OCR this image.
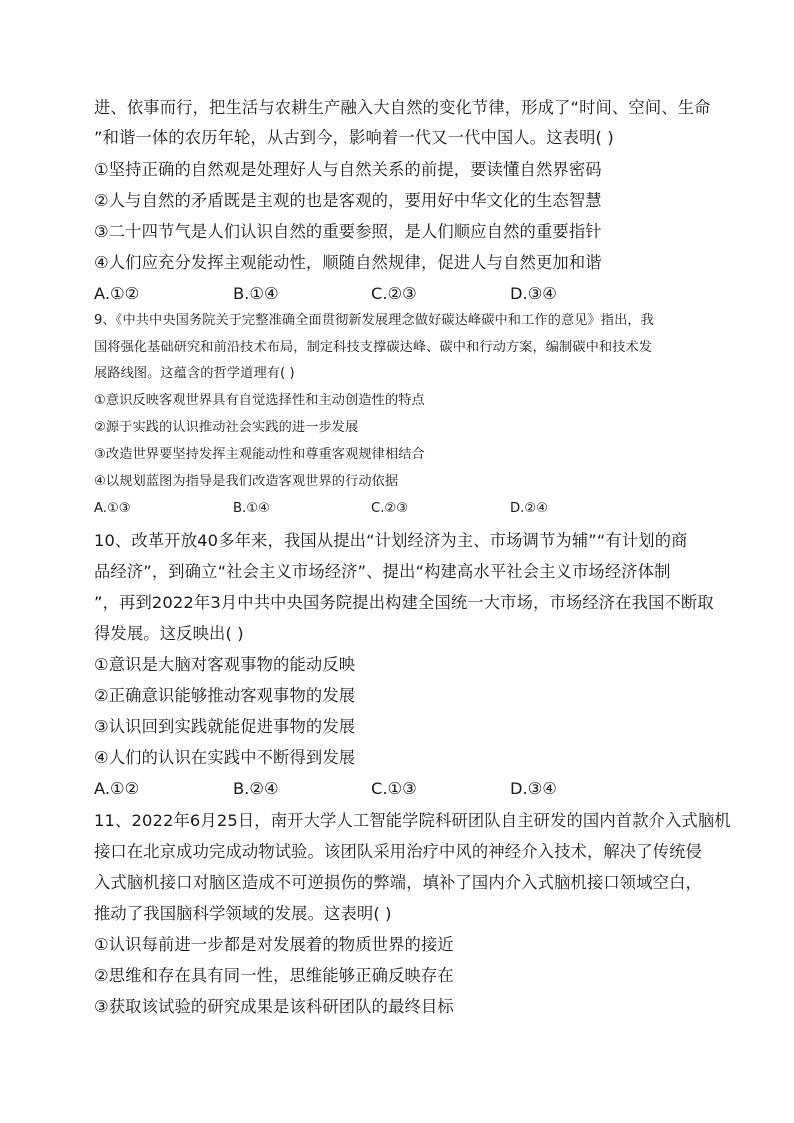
进、依事而行，把生活与农耕生产融入大自然的变化节律，形成了“时间、空间、生命
”和谐一体的农历年轮，从古到今，影响着一代又一代中国人。这表明( )
①坚持正确的自然观是处理好人与自然关系的前提，要读懂自然界密码
②人与自然的矛盾既是主观的也是客观的，要用好中华文化的生态智慧
③二十四节气是人们认识自然的重要参照，是人们顺应自然的重要指针
④人们应充分发挥主观能动性，顺随自然规律，促进人与自然更加和谐
A.①②	B.①④	C.②③	D.③④
9、《中共中央国务院关于完整准确全面贯彻新发展理念做好碳达峰碳中和工作的意见》指出，我
国将强化基础研究和前沿技术布局，制定科技支撑碳达峰、碳中和行动方案，编制碳中和技术发
展路线图。这蕴含的哲学道理有( )
①意识反映客观世界具有自觉选择性和主动创造性的特点
②源于实践的认识推动社会实践的进一步发展
③改造世界要坚持发挥主观能动性和尊重客观规律相结合
④以规划蓝图为指导是我们改造客观世界的行动依据
A.①③	B.①④	C.②③	D.②④
10、改革开放40多年来，我国从提出“计划经济为主、市场调节为辅”“有计划的商
品经济”，到确立“社会主义市场经济”、提出“构建高水平社会主义市场经济体制
”，再到2022年3月中共中央国务院提出构建全国统一大市场，市场经济在我国不断取
得发展。这反映出( )
①意识是大脑对客观事物的能动反映
②正确意识能够推动客观事物的发展
③认识回到实践就能促进事物的发展
④人们的认识在实践中不断得到发展
A.①②	B.②④	C.①③	D.③④
11、2022年6月25日，南开大学人工智能学院科研团队自主研发的国内首款介入式脑机
接口在北京成功完成动物试验。该团队采用治疗中风的神经介入技术，解决了传统侵
入式脑机接口对脑区造成不可逆损伤的弊端，填补了国内介入式脑机接口领域空白，
推动了我国脑科学领域的发展。这表明( )
①认识每前进一步都是对发展着的物质世界的接近
②思维和存在具有同一性，思维能够正确反映存在
③获取该试验的研究成果是该科研团队的最终目标
